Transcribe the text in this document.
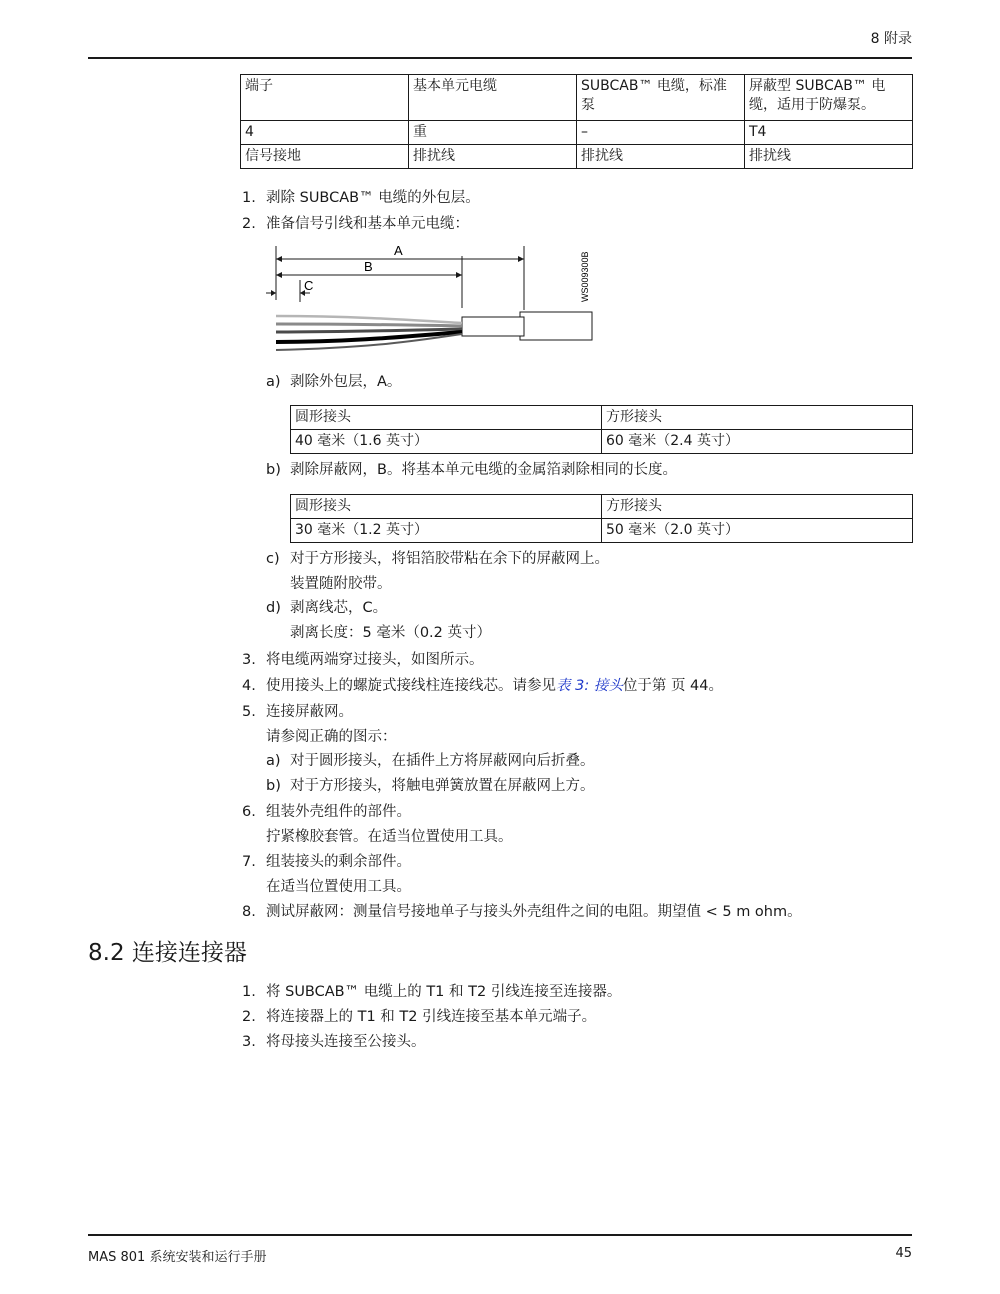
8 附录
端子	基本单元电缆	SUBCAB™ 电缆，标准泵	屏蔽型 SUBCAB™ 电缆，适用于防爆泵。
4	重	–	T4
信号接地	排扰线	排扰线	排扰线
1. 剥除 SUBCAB™ 电缆的外包层。
2. 准备信号引线和基本单元电缆：
A
B
C	WS009300B
a) 剥除外包层，A。
圆形接头	方形接头
40 毫米（1.6 英寸）	60 毫米（2.4 英寸）
b) 剥除屏蔽网，B。将基本单元电缆的金属箔剥除相同的长度。
圆形接头	方形接头
30 毫米（1.2 英寸）	50 毫米（2.0 英寸）
c) 对于方形接头，将铝箔胶带粘在余下的屏蔽网上。
装置随附胶带。
d) 剥离线芯，C。
剥离长度：5 毫米（0.2 英寸）
3. 将电缆两端穿过接头，如图所示。
4. 使用接头上的螺旋式接线柱连接线芯。请参见表 3: 接头位于第 页 44。
5. 连接屏蔽网。
请参阅正确的图示：
a) 对于圆形接头，在插件上方将屏蔽网向后折叠。
b) 对于方形接头，将触电弹簧放置在屏蔽网上方。
6. 组装外壳组件的部件。
拧紧橡胶套管。在适当位置使用工具。
7. 组装接头的剩余部件。
在适当位置使用工具。
8. 测试屏蔽网：测量信号接地单子与接头外壳组件之间的电阻。期望值 < 5 m ohm。
8.2 连接连接器
1. 将 SUBCAB™ 电缆上的 T1 和 T2 引线连接至连接器。
2. 将连接器上的 T1 和 T2 引线连接至基本单元端子。
3. 将母接头连接至公接头。
MAS 801 系统安装和运行手册	45
